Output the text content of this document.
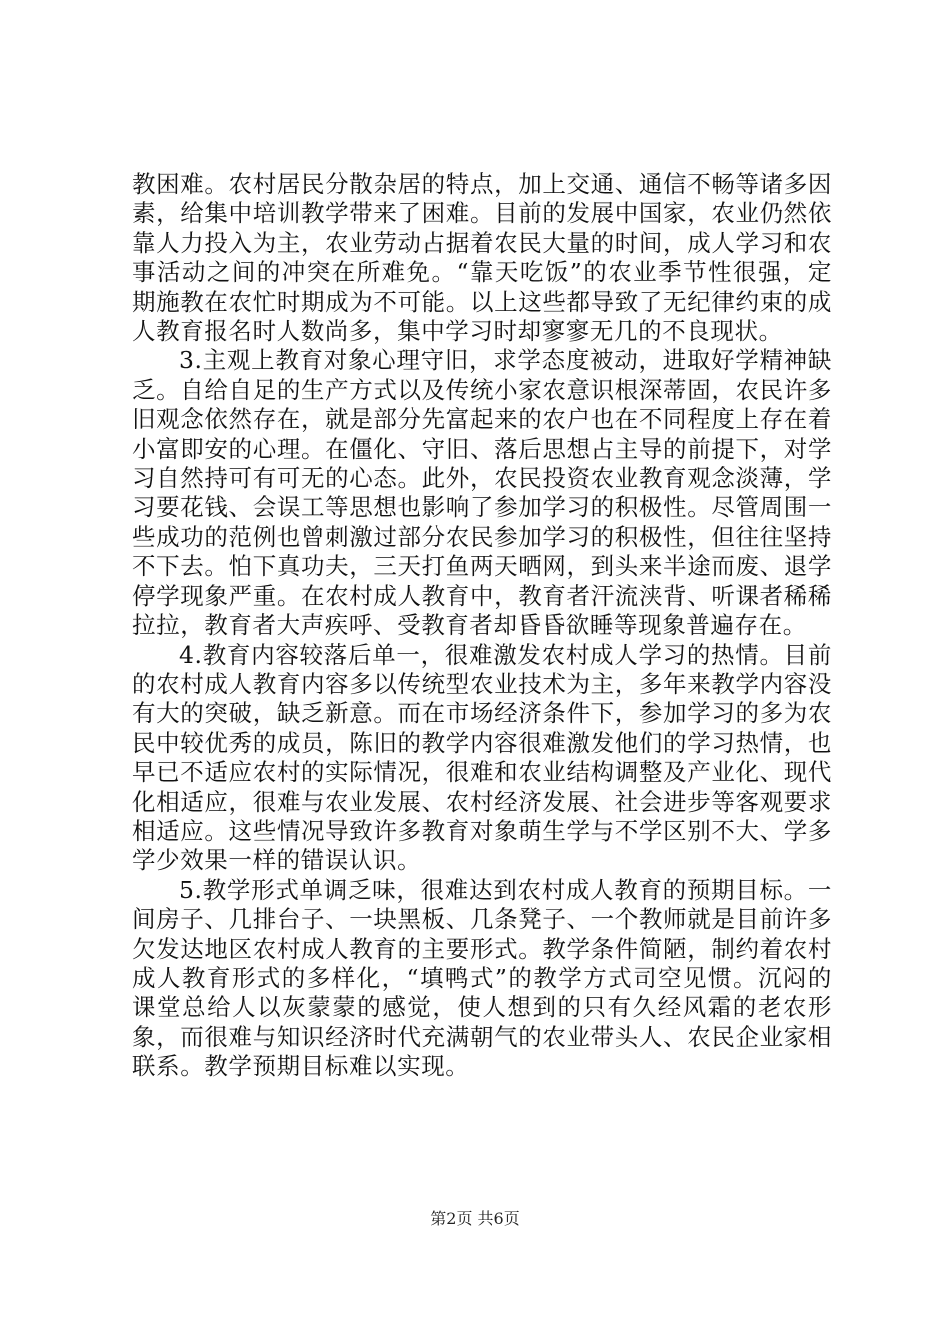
教困难。农村居民分散杂居的特点，加上交通、通信不畅等诸多因素，给集中培训教学带来了困难。目前的发展中国家，农业仍然依靠人力投入为主，农业劳动占据着农民大量的时间，成人学习和农事活动之间的冲突在所难免。“靠天吃饭”的农业季节性很强，定期施教在农忙时期成为不可能。以上这些都导致了无纪律约束的成人教育报名时人数尚多，集中学习时却寥寥无几的不良现状。

3.主观上教育对象心理守旧，求学态度被动，进取好学精神缺乏。自给自足的生产方式以及传统小家农意识根深蒂固，农民许多旧观念依然存在，就是部分先富起来的农户也在不同程度上存在着小富即安的心理。在僵化、守旧、落后思想占主导的前提下，对学习自然持可有可无的心态。此外，农民投资农业教育观念淡薄，学习要花钱、会误工等思想也影响了参加学习的积极性。尽管周围一些成功的范例也曾刺激过部分农民参加学习的积极性，但往往坚持不下去。怕下真功夫，三天打鱼两天晒网，到头来半途而废、退学停学现象严重。在农村成人教育中，教育者汗流浃背、听课者稀稀拉拉，教育者大声疾呼、受教育者却昏昏欲睡等现象普遍存在。

4.教育内容较落后单一，很难激发农村成人学习的热情。目前的农村成人教育内容多以传统型农业技术为主，多年来教学内容没有大的突破，缺乏新意。而在市场经济条件下，参加学习的多为农民中较优秀的成员，陈旧的教学内容很难激发他们的学习热情，也早已不适应农村的实际情况，很难和农业结构调整及产业化、现代化相适应，很难与农业发展、农村经济发展、社会进步等客观要求相适应。这些情况导致许多教育对象萌生学与不学区别不大、学多学少效果一样的错误认识。

5.教学形式单调乏味，很难达到农村成人教育的预期目标。一间房子、几排台子、一块黑板、几条凳子、一个教师就是目前许多欠发达地区农村成人教育的主要形式。教学条件简陋，制约着农村成人教育形式的多样化，“填鸭式”的教学方式司空见惯。沉闷的课堂总给人以灰蒙蒙的感觉，使人想到的只有久经风霜的老农形象，而很难与知识经济时代充满朝气的农业带头人、农民企业家相联系。教学预期目标难以实现。

第2页 共6页
